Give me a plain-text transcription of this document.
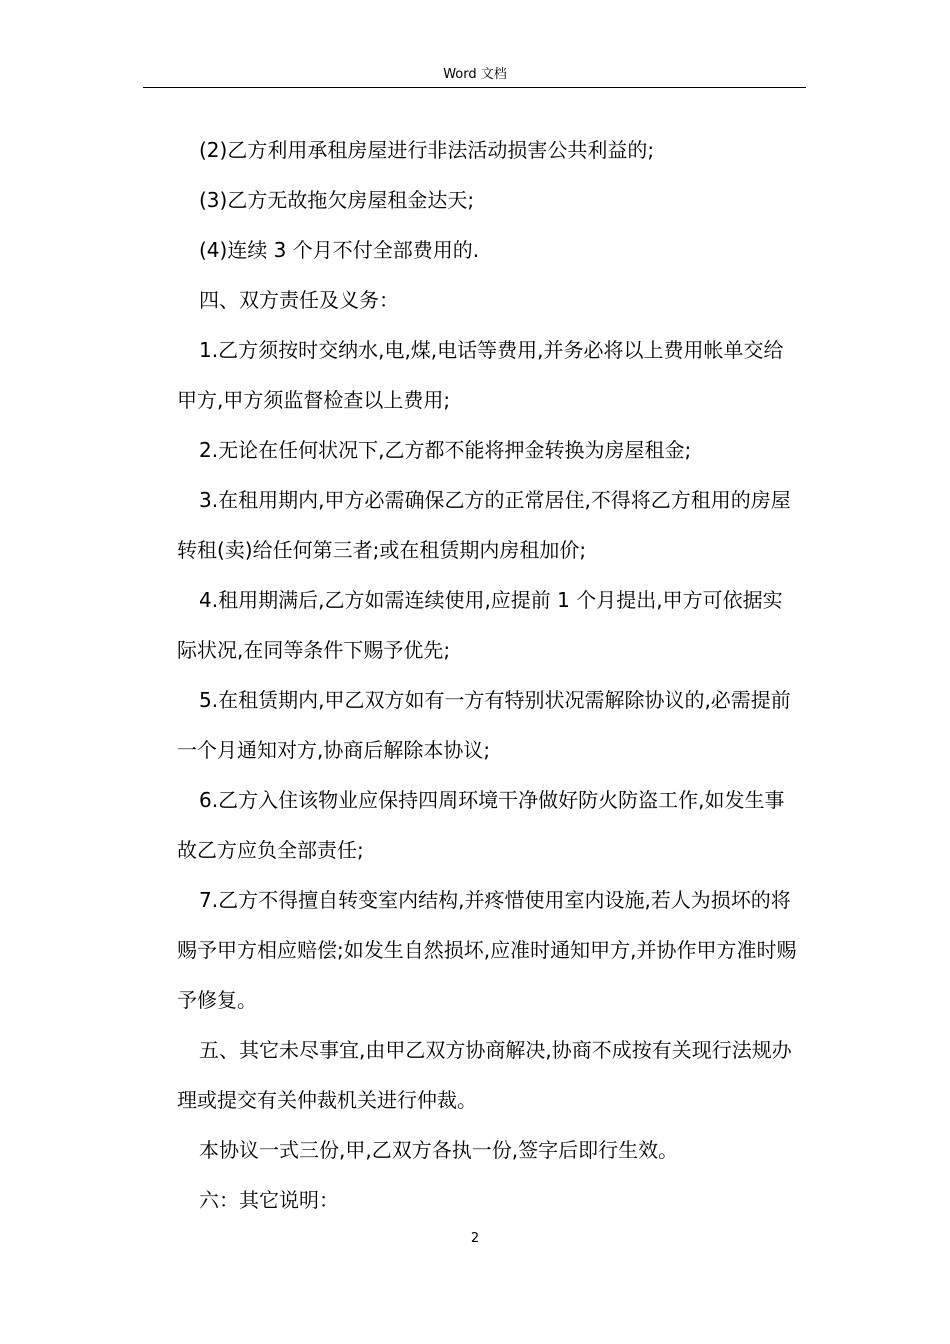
Word 文档

(2)乙方利用承租房屋进行非法活动损害公共利益的;

(3)乙方无故拖欠房屋租金达天;

(4)连续 3 个月不付全部费用的.

四、双方责任及义务：

1.乙方须按时交纳水,电,煤,电话等费用,并务必将以上费用帐单交给甲方,甲方须监督检查以上费用;

2.无论在任何状况下,乙方都不能将押金转换为房屋租金;

3.在租用期内,甲方必需确保乙方的正常居住,不得将乙方租用的房屋转租(卖)给任何第三者;或在租赁期内房租加价;

4.租用期满后,乙方如需连续使用,应提前 1 个月提出,甲方可依据实际状况,在同等条件下赐予优先;

5.在租赁期内,甲乙双方如有一方有特别状况需解除协议的,必需提前一个月通知对方,协商后解除本协议;

6.乙方入住该物业应保持四周环境干净做好防火防盗工作,如发生事故乙方应负全部责任;

7.乙方不得擅自转变室内结构,并疼惜使用室内设施,若人为损坏的将赐予甲方相应赔偿;如发生自然损坏,应准时通知甲方,并协作甲方准时赐予修复。

五、其它未尽事宜,由甲乙双方协商解决,协商不成按有关现行法规办理或提交有关仲裁机关进行仲裁。

本协议一式三份,甲,乙双方各执一份,签字后即行生效。

六：其它说明：

2
